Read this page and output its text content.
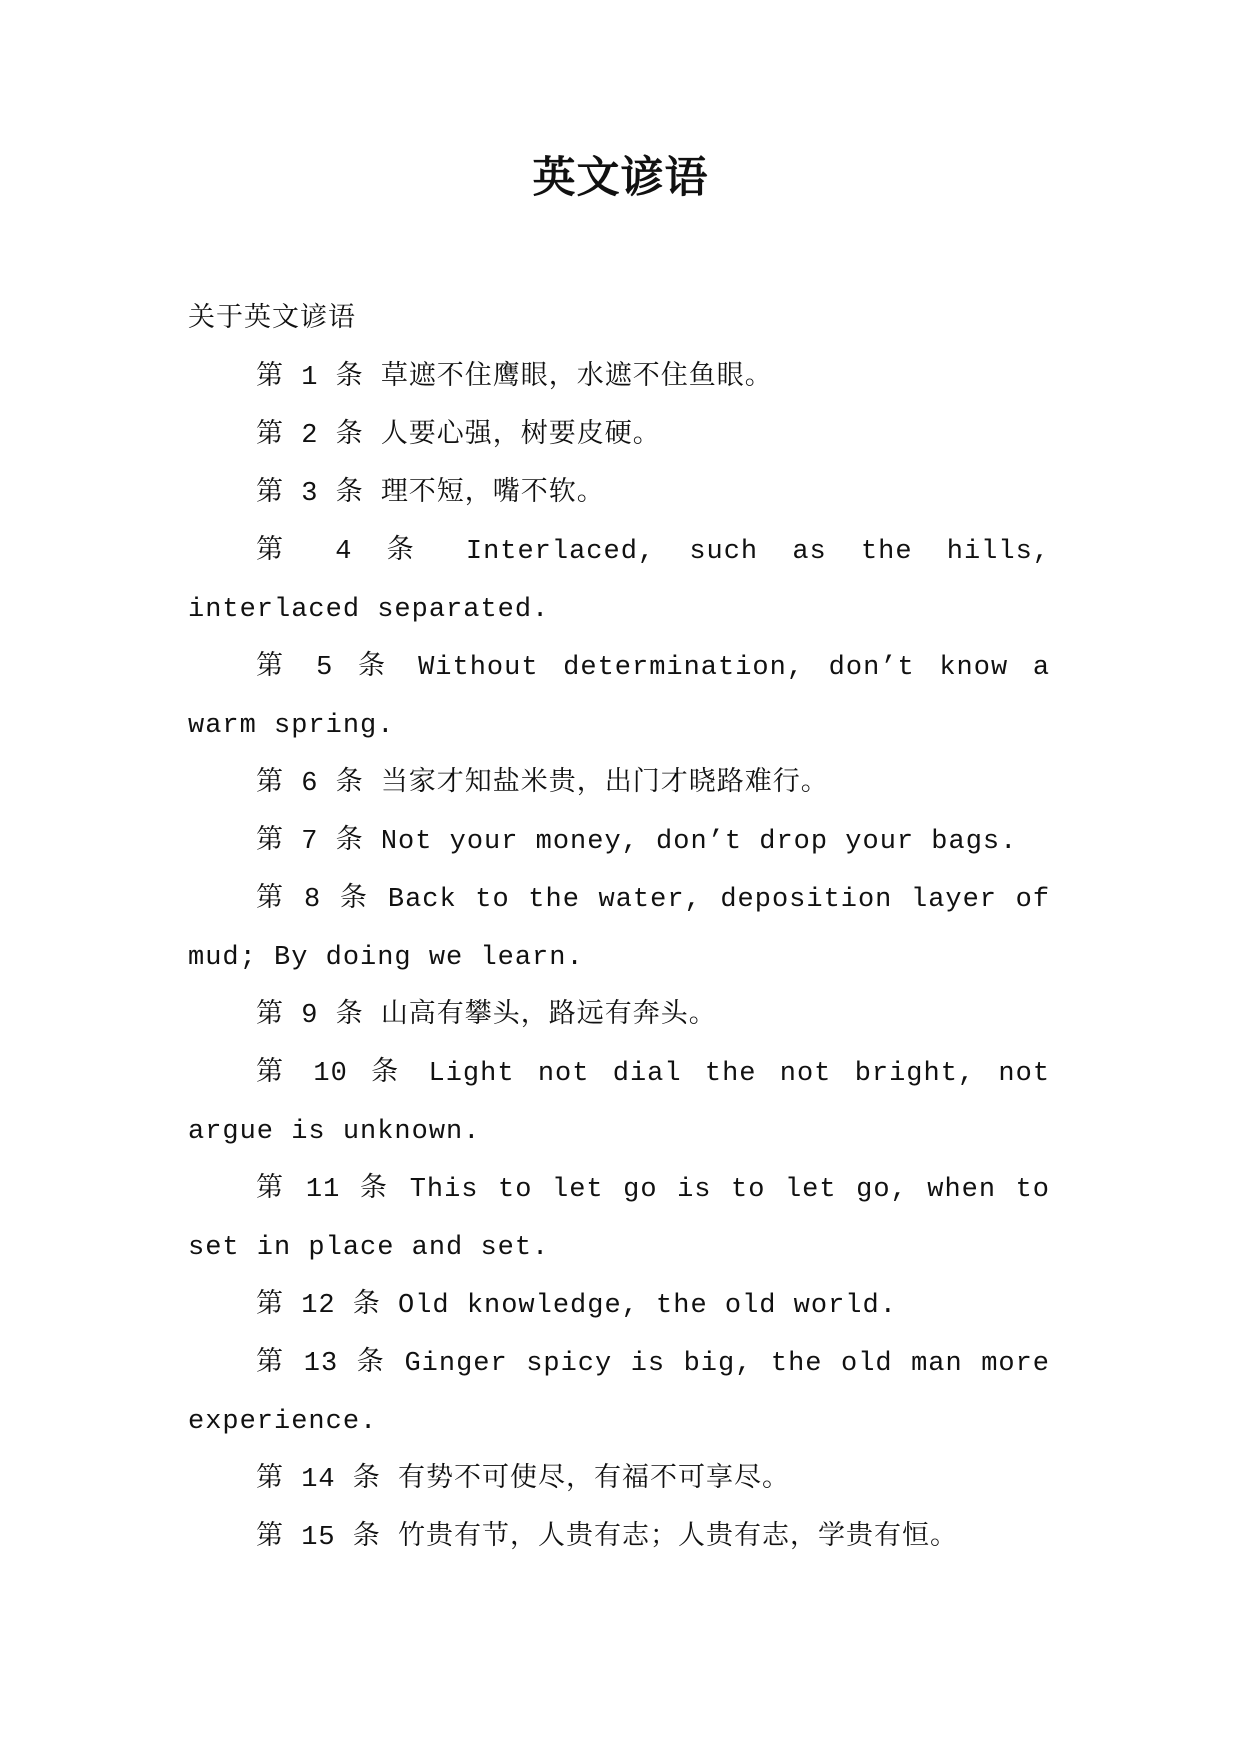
英文谚语

关于英文谚语

第 1 条 草遮不住鹰眼，水遮不住鱼眼。

第 2 条 人要心强，树要皮硬。

第 3 条 理不短，嘴不软。

第 4 条 Interlaced, such as the hills, interlaced separated.

第 5 条 Without determination, don’t know a warm spring.

第 6 条 当家才知盐米贵，出门才晓路难行。

第 7 条 Not your money, don’t drop your bags.

第 8 条 Back to the water, deposition layer of mud; By doing we learn.

第 9 条 山高有攀头，路远有奔头。

第 10 条 Light not dial the not bright, not argue is unknown.

第 11 条 This to let go is to let go, when to set in place and set.

第 12 条 Old knowledge, the old world.

第 13 条 Ginger spicy is big, the old man more experience.

第 14 条 有势不可使尽，有福不可享尽。

第 15 条 竹贵有节，人贵有志；人贵有志，学贵有恒。
